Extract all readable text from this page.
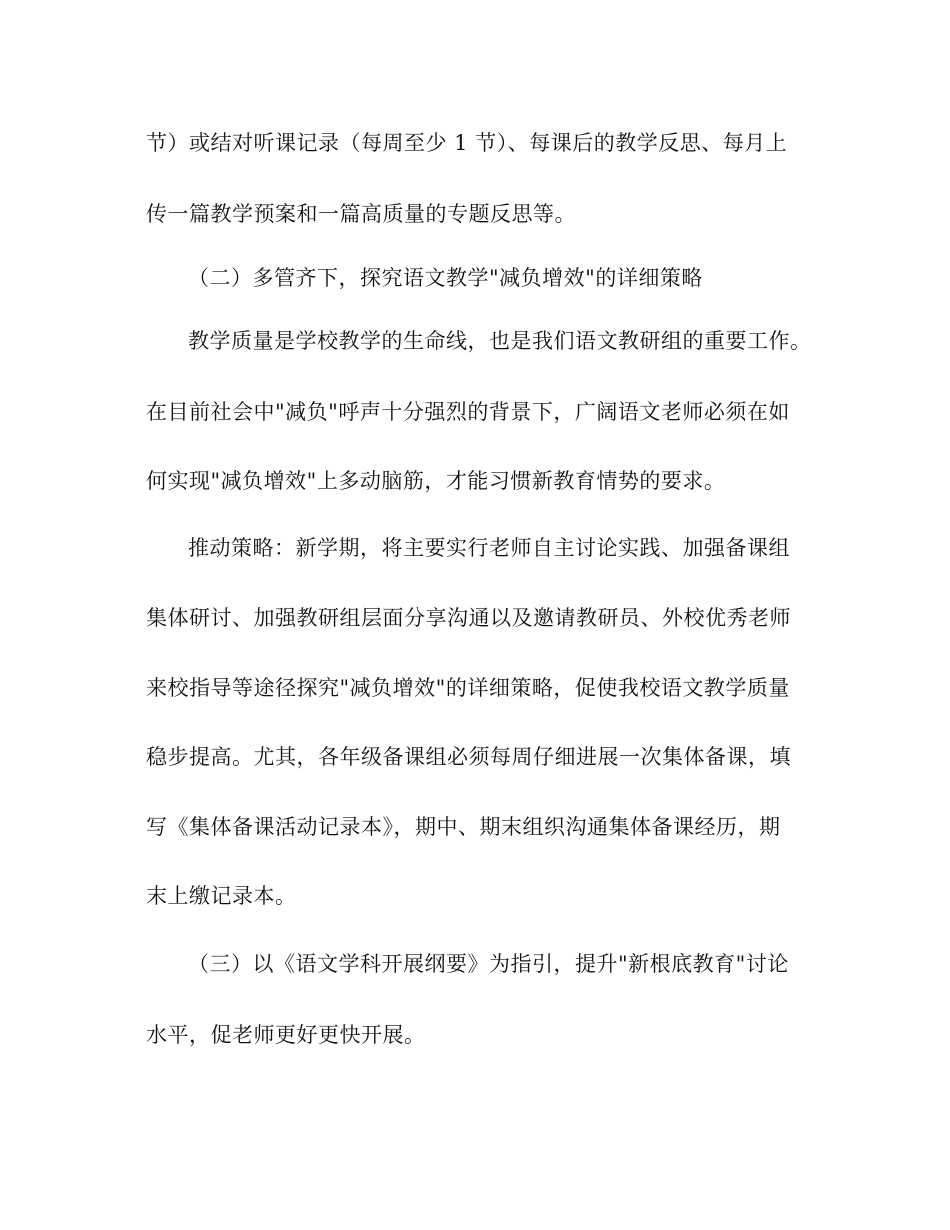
节）或结对听课记录（每周至少 1 节）、每课后的教学反思、每月上
传一篇教学预案和一篇高质量的专题反思等。
（二）多管齐下，探究语文教学"减负增效"的详细策略
教学质量是学校教学的生命线，也是我们语文教研组的重要工作。
在目前社会中"减负"呼声十分强烈的背景下，广阔语文老师必须在如
何实现"减负增效"上多动脑筋，才能习惯新教育情势的要求。
推动策略：新学期，将主要实行老师自主讨论实践、加强备课组
集体研讨、加强教研组层面分享沟通以及邀请教研员、外校优秀老师
来校指导等途径探究"减负增效"的详细策略，促使我校语文教学质量
稳步提高。尤其，各年级备课组必须每周仔细进展一次集体备课，填
写《集体备课活动记录本》，期中、期末组织沟通集体备课经历，期
末上缴记录本。
（三）以《语文学科开展纲要》为指引，提升"新根底教育"讨论
水平，促老师更好更快开展。
